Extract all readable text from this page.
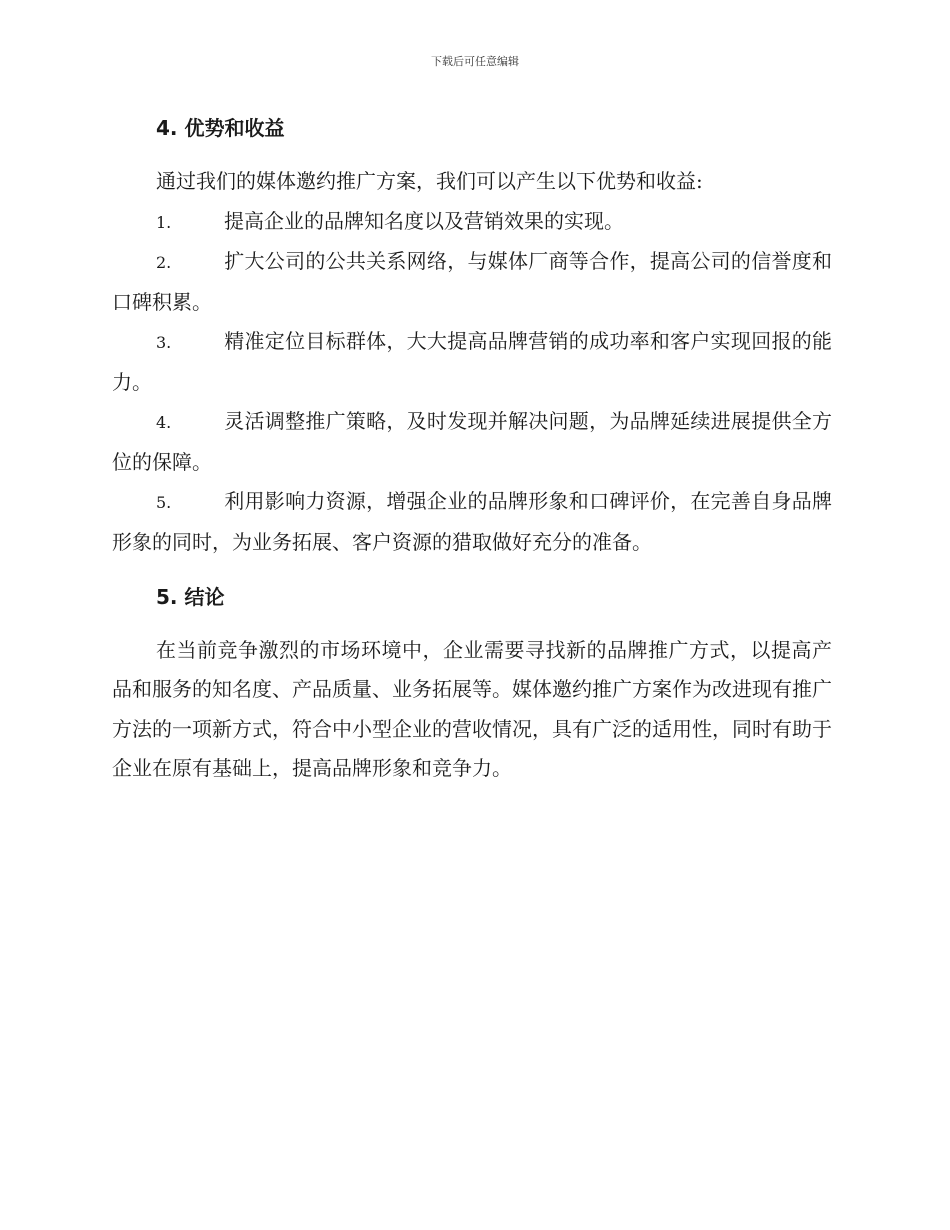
下载后可任意编辑
4. 优势和收益

通过我们的媒体邀约推广方案，我们可以产生以下优势和收益:

1.	提高企业的品牌知名度以及营销效果的实现。

2.	扩大公司的公共关系网络，与媒体厂商等合作，提高公司的信誉度和口碑积累。

3.	精准定位目标群体，大大提高品牌营销的成功率和客户实现回报的能力。

4.	灵活调整推广策略，及时发现并解决问题，为品牌延续进展提供全方位的保障。

5.	利用影响力资源，增强企业的品牌形象和口碑评价，在完善自身品牌形象的同时，为业务拓展、客户资源的猎取做好充分的准备。

5. 结论

在当前竞争激烈的市场环境中，企业需要寻找新的品牌推广方式，以提高产品和服务的知名度、产品质量、业务拓展等。媒体邀约推广方案作为改进现有推广方法的一项新方式，符合中小型企业的营收情况，具有广泛的适用性，同时有助于企业在原有基础上，提高品牌形象和竞争力。
